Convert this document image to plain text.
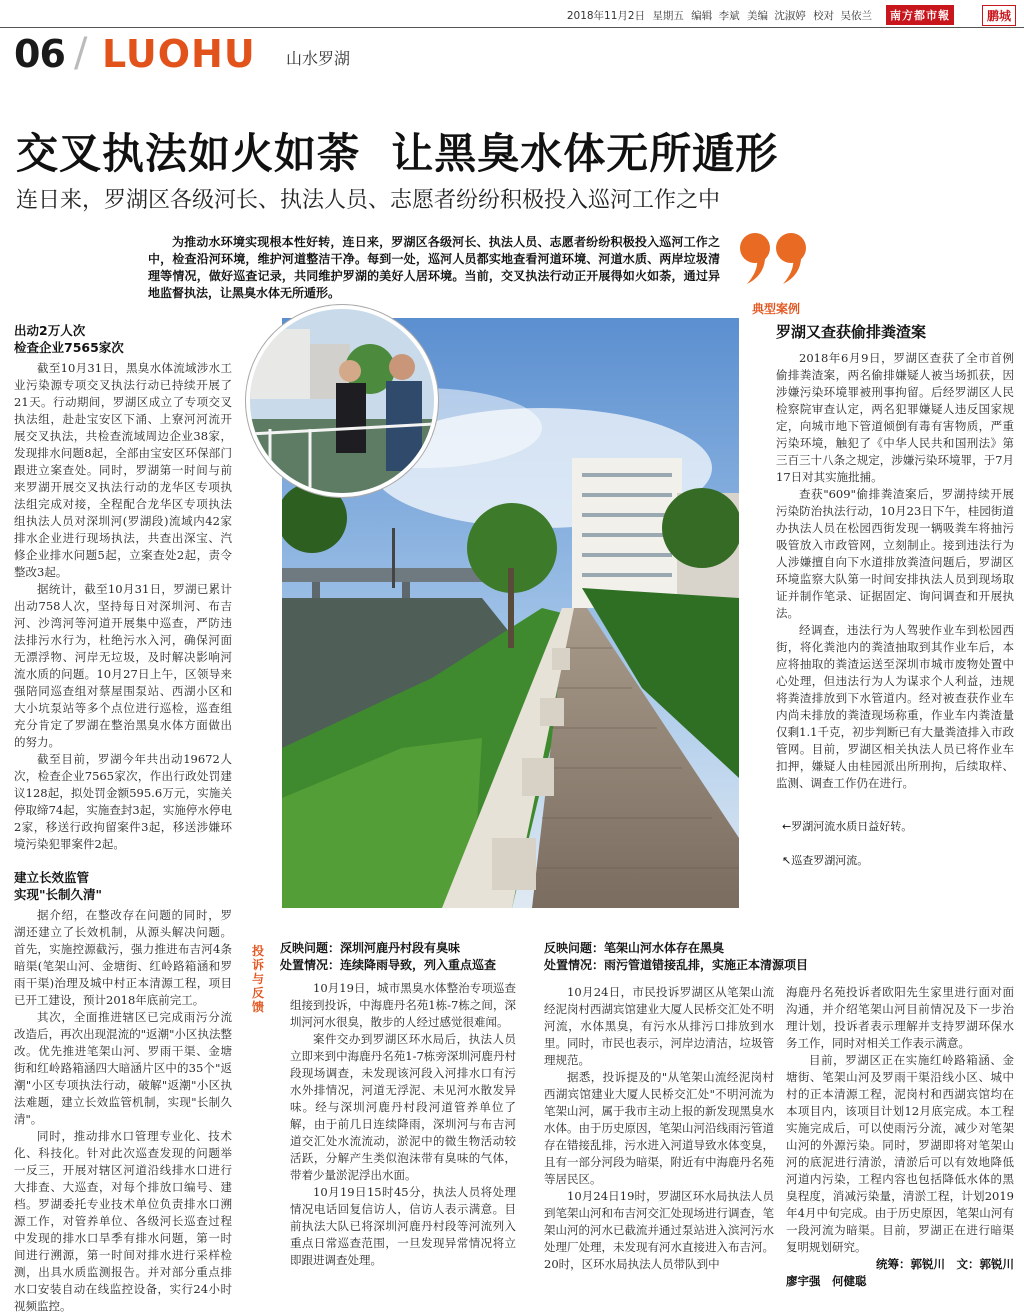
2018年11月2日 星期五 编辑 李斌 美编 沈淑婷 校对 吴依兰	南方都市報	鹏城
06 / LUOHU 山水罗湖
交叉执法如火如荼  让黑臭水体无所遁形
连日来，罗湖区各级河长、执法人员、志愿者纷纷积极投入巡河工作之中
为推动水环境实现根本性好转，连日来，罗湖区各级河长、执法人员、志愿者纷纷积极投入巡河工作之中，检查沿河环境，维护河道整洁干净。每到一处，巡河人员都实地查看河道环境、河道水质、两岸垃圾清理等情况，做好巡查记录，共同维护罗湖的美好人居环境。当前，交叉执法行动正开展得如火如荼，通过异地监督执法，让黑臭水体无所遁形。
出动2万人次
检查企业7565家次

截至10月31日，黑臭水体流域涉水工业污染源专项交叉执法行动已持续开展了21天。行动期间，罗湖区成立了专项交叉执法组，赴赴宝安区下涌、上寮河河流开展交叉执法，共检查流域周边企业38家，发现排水问题8起，全部由宝安区环保部门跟进立案查处。同时，罗湖第一时间与前来罗湖开展交叉执法行动的龙华区专项执法组完成对接，全程配合龙华区专项执法组执法人员对深圳河(罗湖段)流域内42家排水企业进行现场执法，共查出深宝、汽修企业排水问题5起，立案查处2起，责令整改3起。

据统计，截至10月31日，罗湖已累计出动758人次，坚持每日对深圳河、布吉河、沙湾河等河道开展集中巡查，严防违法排污水行为，杜绝污水入河，确保河面无漂浮物、河岸无垃圾，及时解决影响河流水质的问题。10月27日上午，区领导来强陪同巡查组对蔡屋围泵站、西湖小区和大小坑泵站等多个点位进行巡检，巡查组充分肯定了罗湖在整治黑臭水体方面做出的努力。

截至目前，罗湖今年共出动19672人次，检查企业7565家次，作出行政处罚建议128起，拟处罚金额595.6万元，实施关停取缔74起，实施查封3起，实施停水停电2家，移送行政拘留案件3起，移送涉嫌环境污染犯罪案件2起。

建立长效监管
实现"长制久清"

据介绍，在整改存在问题的同时，罗湖还建立了长效机制，从源头解决问题。首先，实施控源截污，强力推进布吉河4条暗渠(笔架山河、金塘街、红岭路箱涵和罗雨干渠)治理及城中村正本清源工程，项目已开工建设，预计2018年底前完工。

其次，全面推进辖区已完成雨污分流改造后，再次出现混流的"返潮"小区执法整改。优先推进笔架山河、罗雨干渠、金塘街和红岭路箱涵四大暗涵片区中的35个"返潮"小区专项执法行动，破解"返潮"小区执法难题，建立长效监管机制，实现"长制久清"。

同时，推动排水口管理专业化、技术化、科技化。针对此次巡查发现的问题举一反三，开展对辖区河道沿线排水口进行大排查、大巡查，对每个排放口编号、建档。罗湖委托专业技术单位负责排水口溯源工作，对管养单位、各级河长巡查过程中发现的排水口旱季有排水问题，第一时间进行溯源，第一时间对排水进行采样检测，出具水质监测报告。并对部分重点排水口安装自动在线监控设备，实行24小时视频监控。

典型案例
罗湖又查获偷排粪渣案

2018年6月9日，罗湖区查获了全市首例偷排粪渣案，两名偷排嫌疑人被当场抓获，因涉嫌污染环境罪被刑事拘留。后经罗湖区人民检察院审查认定，两名犯罪嫌疑人违反国家规定，向城市地下管道倾倒有毒有害物质，严重污染环境，触犯了《中华人民共和国刑法》第三百三十八条之规定，涉嫌污染环境罪，于7月17日对其实施批捕。

查获"609"偷排粪渣案后，罗湖持续开展污染防治执法行动，10月23日下午，桂园街道办执法人员在松园西街发现一辆吸粪车将抽污吸管放入市政管网，立刻制止。接到违法行为人涉嫌擅自向下水道排放粪渣问题后，罗湖区环境监察大队第一时间安排执法人员到现场取证并制作笔录、证据固定、询问调查和开展执法。

经调查，违法行为人驾驶作业车到松园西街，将化粪池内的粪渣抽取到其作业车后，本应将抽取的粪渣运送至深圳市城市废物处置中心处理，但违法行为人为谋求个人利益，违规将粪渣排放到下水管道内。经对被查获作业车内尚未排放的粪渣现场称重，作业车内粪渣量仅剩1.1千克，初步判断已有大量粪渣排入市政管网。目前，罗湖区相关执法人员已将作业车扣押，嫌疑人由桂园派出所刑拘，后续取样、监测、调查工作仍在进行。

←罗湖河流水质日益好转。
↖巡查罗湖河流。
投诉与反馈
反映问题：深圳河鹿丹村段有臭味
处置情况：连续降雨导致，列入重点巡查

10月19日，城市黑臭水体整治专项巡查组接到投诉，中海鹿丹名苑1栋-7栋之间，深圳河河水很臭，散步的人经过感觉很难闻。

案件交办到罗湖区环水局后，执法人员立即来到中海鹿丹名苑1-7栋旁深圳河鹿丹村段现场调查，未发现该河段入河排水口有污水外排情况，河道无浮泥、未见河水散发异味。经与深圳河鹿丹村段河道管养单位了解，由于前几日连续降雨，深圳河与布吉河道交汇处水流流动，淤泥中的微生物活动较活跃，分解产生类似泡沫带有臭味的气体，带着少量淤泥浮出水面。

10月19日15时45分，执法人员将处理情况电话回复信访人，信访人表示满意。目前执法大队已将深圳河鹿丹村段等河流列入重点日常巡查范围，一旦发现异常情况将立即跟进调查处理。

反映问题：笔架山河水体存在黑臭
处置情况：雨污管道错接乱排，实施正本清源项目

10月24日，市民投诉罗湖区从笔架山流经泥岗村西湖宾馆建业大厦人民桥交汇处不明河流，水体黑臭，有污水从排污口排放到水里。同时，市民也表示，河岸边清洁，垃圾管理规范。

据悉，投诉提及的"从笔架山流经泥岗村西湖宾馆建业大厦人民桥交汇处"不明河流为笔架山河，属于我市主动上报的新发现黑臭水水体。由于历史原因，笔架山河沿线雨污管道存在错接乱排，污水进入河道导致水体变臭，且有一部分河段为暗渠，附近有中海鹿丹名苑等居民区。

10月24日19时，罗湖区环水局执法人员到笔架山河和布吉河交汇处现场进行调查，笔架山河的河水已截流并通过泵站进入滨河污水处理厂处理，未发现有河水直接进入布吉河。20时，区环水局执法人员带队到中

海鹿丹名苑投诉者欧阳先生家里进行面对面沟通，并介绍笔架山河目前情况及下一步治理计划，投诉者表示理解并支持罗湖环保水务工作，同时对相关工作表示满意。

目前，罗湖区正在实施红岭路箱涵、金塘街、笔架山河及罗雨干渠沿线小区、城中村的正本清源工程，泥岗村和西湖宾馆均在本项目内，该项目计划12月底完成。本工程实施完成后，可以使雨污分流，减少对笔架山河的外源污染。同时，罗湖即将对笔架山河的底泥进行清淤，清淤后可以有效地降低河道内污染，工程内容也包括降低水体的黑臭程度，消减污染量，清淤工程，计划2019年4月中旬完成。由于历史原因，笔架山河有一段河流为暗渠。目前，罗湖正在进行暗渠复明规划研究。

统筹：郭锐川　文：郭锐川
廖宇强　何健聪
